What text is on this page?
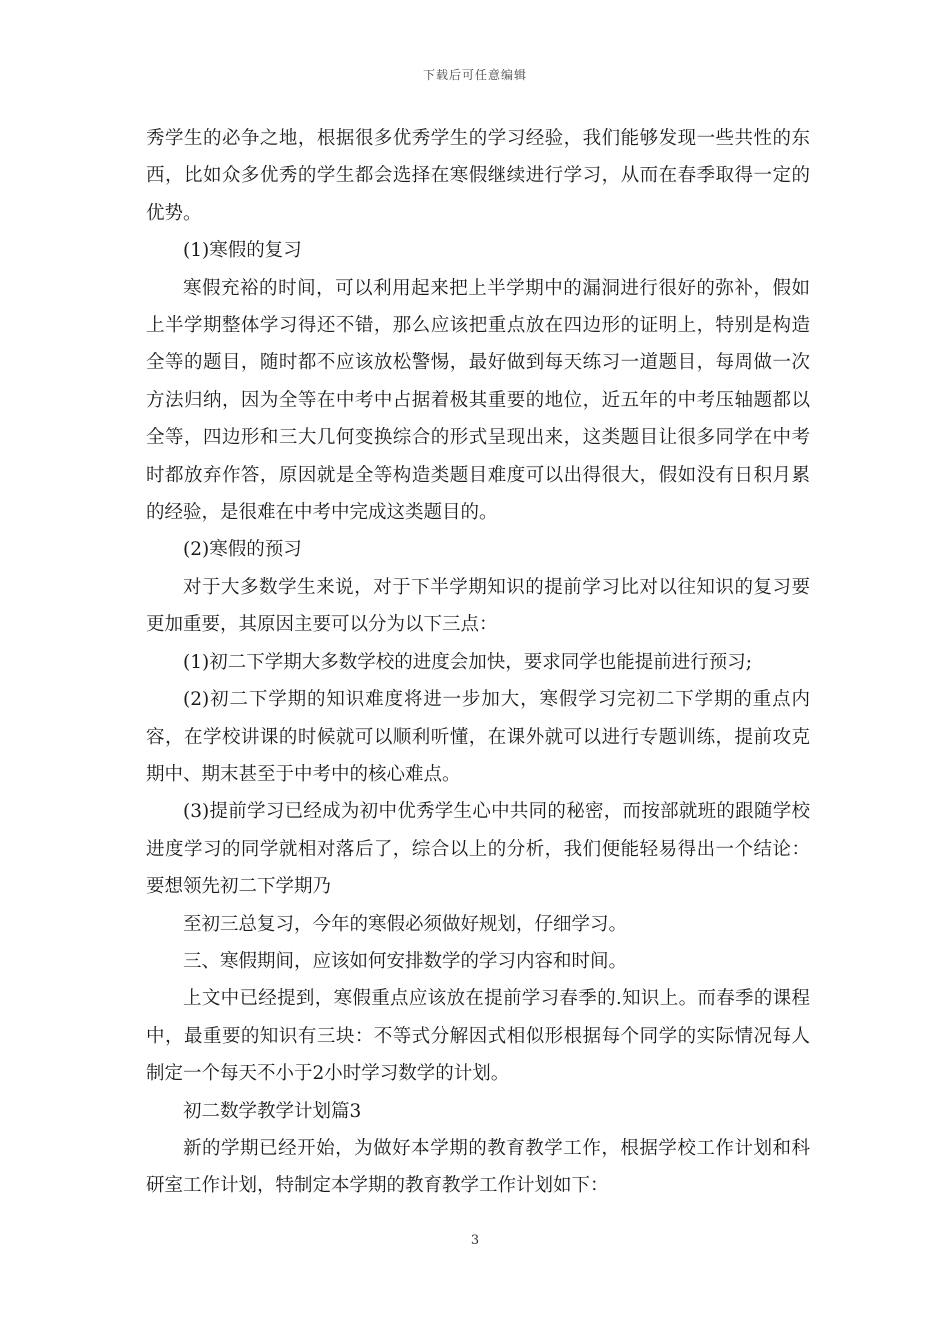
下载后可任意编辑

秀学生的必争之地，根据很多优秀学生的学习经验，我们能够发现一些共性的东西，比如众多优秀的学生都会选择在寒假继续进行学习，从而在春季取得一定的优势。

(1)寒假的复习

寒假充裕的时间，可以利用起来把上半学期中的漏洞进行很好的弥补，假如上半学期整体学习得还不错，那么应该把重点放在四边形的证明上，特别是构造全等的题目，随时都不应该放松警惕，最好做到每天练习一道题目，每周做一次方法归纳，因为全等在中考中占据着极其重要的地位，近五年的中考压轴题都以全等，四边形和三大几何变换综合的形式呈现出来，这类题目让很多同学在中考时都放弃作答，原因就是全等构造类题目难度可以出得很大，假如没有日积月累的经验，是很难在中考中完成这类题目的。

(2)寒假的预习

对于大多数学生来说，对于下半学期知识的提前学习比对以往知识的复习要更加重要，其原因主要可以分为以下三点：

(1)初二下学期大多数学校的进度会加快，要求同学也能提前进行预习;

(2)初二下学期的知识难度将进一步加大，寒假学习完初二下学期的重点内容，在学校讲课的时候就可以顺利听懂，在课外就可以进行专题训练，提前攻克期中、期末甚至于中考中的核心难点。

(3)提前学习已经成为初中优秀学生心中共同的秘密，而按部就班的跟随学校进度学习的同学就相对落后了，综合以上的分析，我们便能轻易得出一个结论：要想领先初二下学期乃

至初三总复习，今年的寒假必须做好规划，仔细学习。

三、寒假期间，应该如何安排数学的学习内容和时间。

上文中已经提到，寒假重点应该放在提前学习春季的.知识上。而春季的课程中，最重要的知识有三块：不等式分解因式相似形根据每个同学的实际情况每人制定一个每天不小于2小时学习数学的计划。

初二数学教学计划篇3

新的学期已经开始，为做好本学期的教育教学工作，根据学校工作计划和科研室工作计划，特制定本学期的教育教学工作计划如下：

3
